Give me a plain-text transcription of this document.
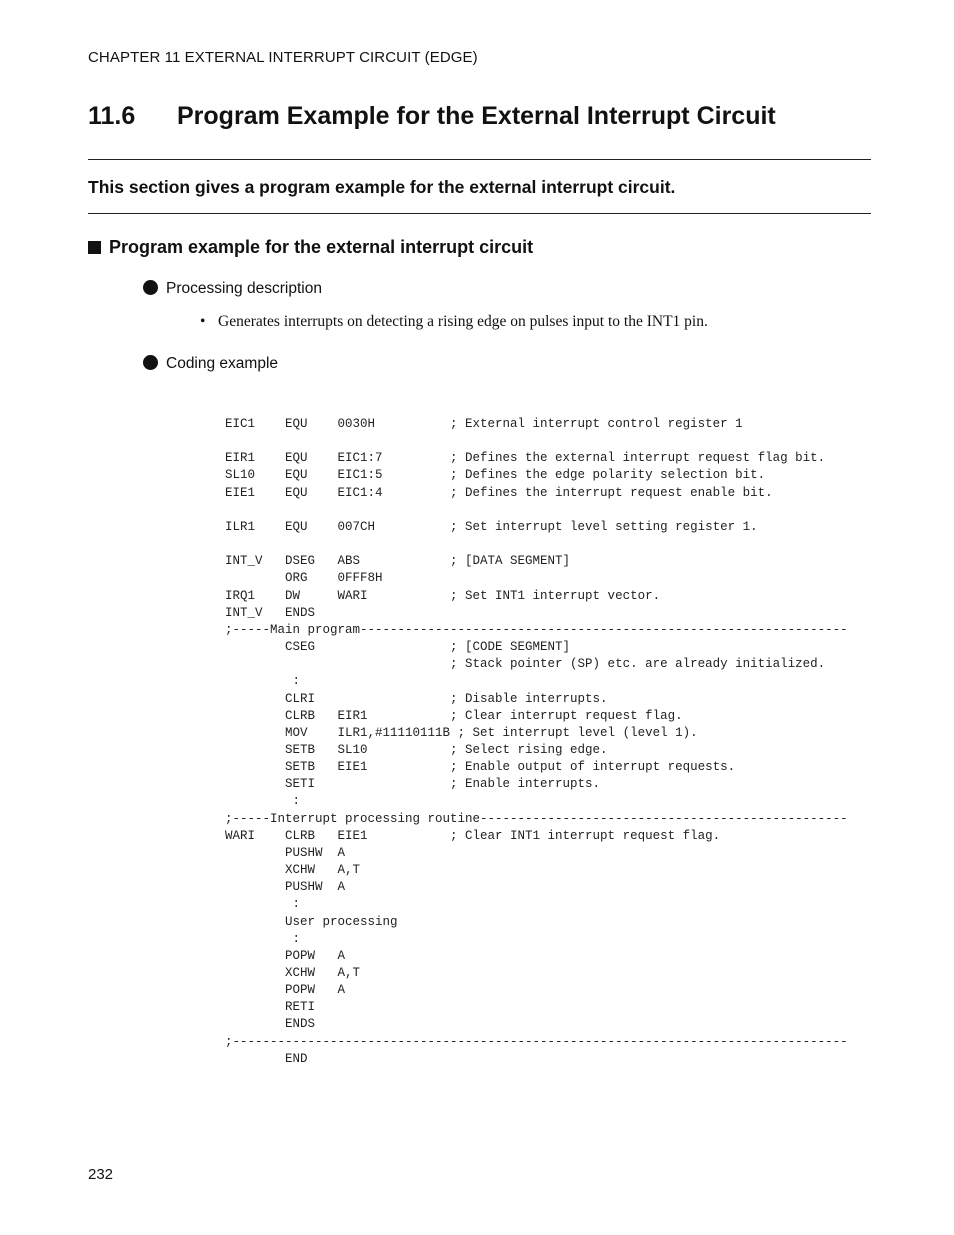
CHAPTER 11 EXTERNAL INTERRUPT CIRCUIT (EDGE)
11.6 Program Example for the External Interrupt Circuit

This section gives a program example for the external interrupt circuit.

Program example for the external interrupt circuit
Processing description
• Generates interrupts on detecting a rising edge on pulses input to the INT1 pin.
Coding example
EIC1    EQU    0030H          ; External interrupt control register 1

EIR1    EQU    EIC1:7         ; Defines the external interrupt request flag bit.
SL10    EQU    EIC1:5         ; Defines the edge polarity selection bit.
EIE1    EQU    EIC1:4         ; Defines the interrupt request enable bit.

ILR1    EQU    007CH          ; Set interrupt level setting register 1.

INT_V   DSEG   ABS            ; [DATA SEGMENT]
ORG    0FFF8H
IRQ1    DW     WARI           ; Set INT1 interrupt vector.
INT_V   ENDS
;-----Main program-----------------------------------------------------------------
CSEG                  ; [CODE SEGMENT]
; Stack pointer (SP) etc. are already initialized.
:
CLRI                  ; Disable interrupts.
CLRB   EIR1           ; Clear interrupt request flag.
MOV    ILR1,#11110111B ; Set interrupt level (level 1).
SETB   SL10           ; Select rising edge.
SETB   EIE1           ; Enable output of interrupt requests.
SETI                  ; Enable interrupts.
:
;-----Interrupt processing routine-------------------------------------------------
WARI    CLRB   EIE1           ; Clear INT1 interrupt request flag.
PUSHW  A
XCHW   A,T
PUSHW  A
:
User processing
:
POPW   A
XCHW   A,T
POPW   A
RETI
ENDS
;----------------------------------------------------------------------------------
END
232
